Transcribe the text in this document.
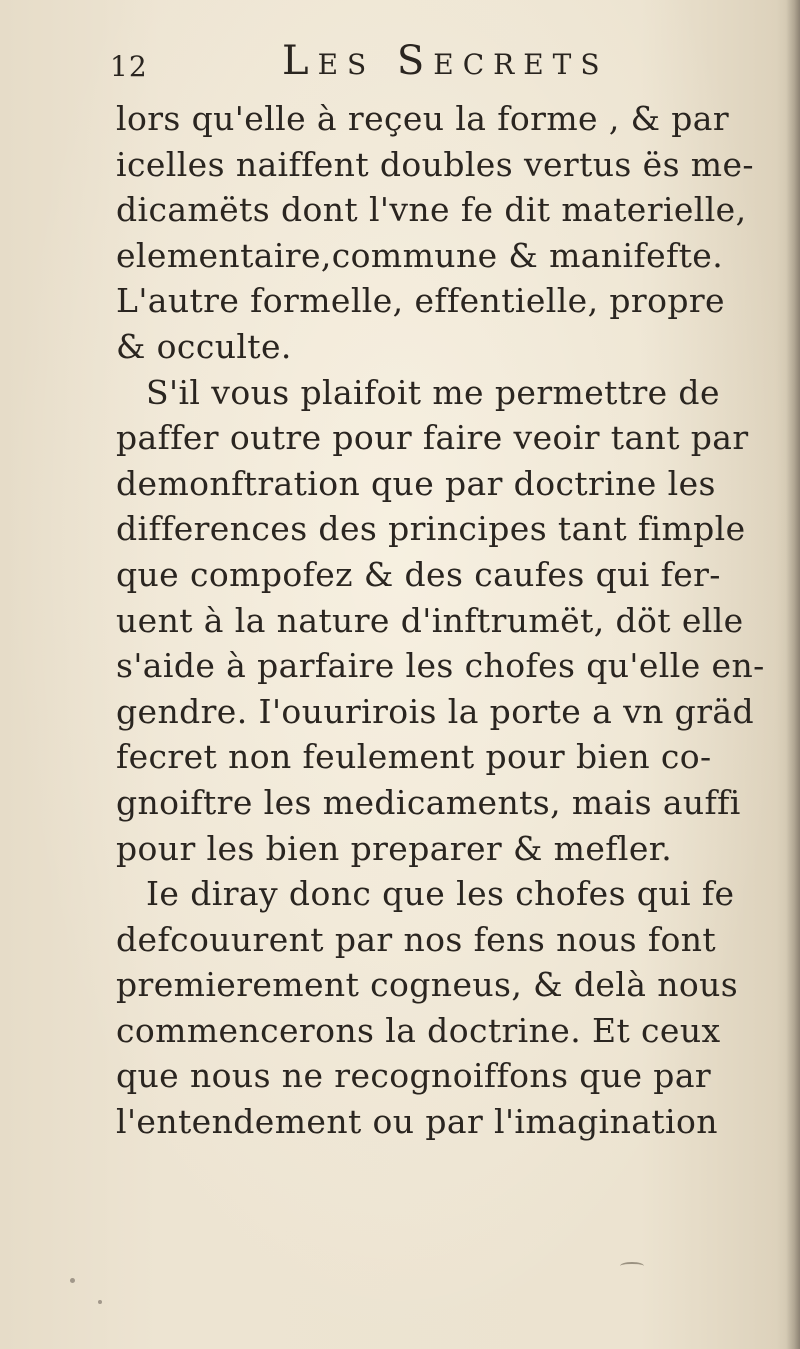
12	Les Secrets
lors qu'elle à reçeu la forme , & par
icelles naiffent doubles vertus ës me-
dicamëts dont l'vne fe dit materielle,
elementaire,commune & manifefte.
L'autre formelle, effentielle, propre
& occulte.
S'il vous plaifoit me permettre de
paffer outre pour faire veoir tant par
demonftration que par doctrine les
differences des principes tant fimple
que compofez & des caufes qui fer-
uent à la nature d'inftrumët, döt elle
s'aide à parfaire les chofes qu'elle en-
gendre. I'ouurirois la porte a vn gräd
fecret non feulement pour bien co-
gnoiftre les medicaments, mais auffi
pour les bien preparer & mefler.
Ie diray donc que les chofes qui fe
defcouurent par nos fens nous font
premierement cogneus, & delà nous
commencerons la doctrine. Et ceux
que nous ne recognoiffons que par
l'entendement ou par l'imagination
